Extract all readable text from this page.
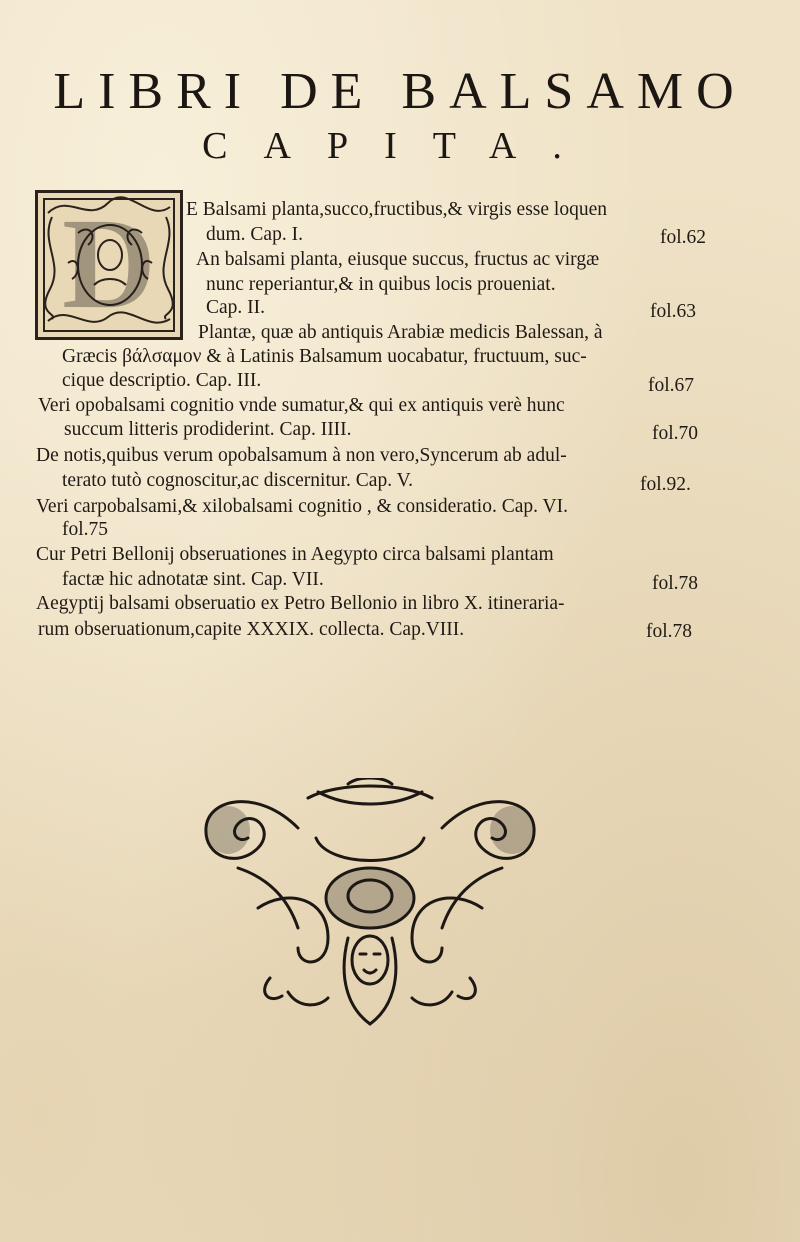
LIBRI DE BALSAMO
CAPITA.
D	E Balsami planta,succo,fructibus,& virgis esse loquen
dum. Cap. I.	fol.62
An balsami planta, eiusque succus, fructus ac virgæ
nunc reperiantur,& in quibus locis proueniat.
Cap. II.	fol.63
Plantæ, quæ ab antiquis Arabiæ medicis Balessan, à
Græcis βάλσαμον & à Latinis Balsamum uocabatur, fructuum, suc-
cique descriptio. Cap. III.	fol.67
Veri opobalsami cognitio vnde sumatur,& qui ex antiquis verè hunc
succum litteris prodiderint. Cap. IIII.	fol.70
De notis,quibus verum opobalsamum à non vero,Syncerum ab adul-
terato tutò cognoscitur,ac discernitur. Cap. V.	fol.92.
Veri carpobalsami,& xilobalsami cognitio , & consideratio. Cap. VI.
fol.75
Cur Petri Bellonij obseruationes in Aegypto circa balsami plantam
factæ hic adnotatæ sint. Cap. VII.	fol.78
Aegyptij balsami obseruatio ex Petro Bellonio in libro X. itineraria-
rum obseruationum,capite XXXIX. collecta. Cap.VIII.	fol.78
